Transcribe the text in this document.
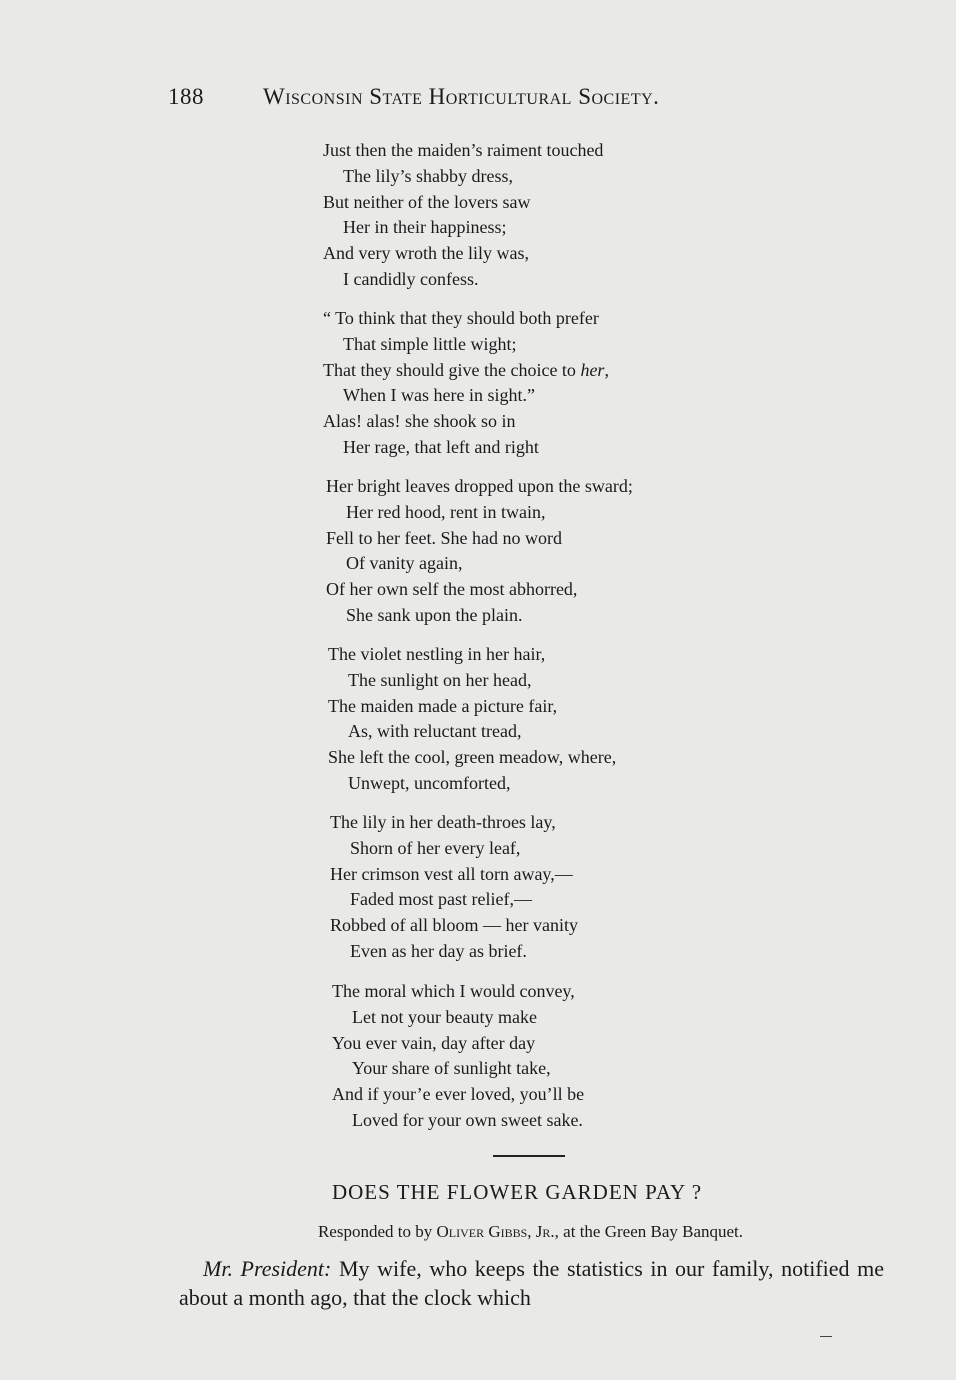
188	Wisconsin State Horticultural Society.
Just then the maiden’s raiment touched
The lily’s shabby dress,
But neither of the lovers saw
Her in their happiness;
And very wroth the lily was,
I candidly confess.
“ To think that they should both prefer
That simple little wight;
That they should give the choice to her,
When I was here in sight.”
Alas! alas! she shook so in
Her rage, that left and right
Her bright leaves dropped upon the sward;
Her red hood, rent in twain,
Fell to her feet. She had no word
Of vanity again,
Of her own self the most abhorred,
She sank upon the plain.
The violet nestling in her hair,
The sunlight on her head,
The maiden made a picture fair,
As, with reluctant tread,
She left the cool, green meadow, where,
Unwept, uncomforted,
The lily in her death-throes lay,
Shorn of her every leaf,
Her crimson vest all torn away,—
Faded most past relief,—
Robbed of all bloom — her vanity
Even as her day as brief.
The moral which I would convey,
Let not your beauty make
You ever vain, day after day
Your share of sunlight take,
And if your’e ever loved, you’ll be
Loved for your own sweet sake.
DOES THE FLOWER GARDEN PAY ?
Responded to by Oliver Gibbs, Jr., at the Green Bay Banquet.

Mr. President: My wife, who keeps the statistics in our family, notified me about a month ago, that the clock which
